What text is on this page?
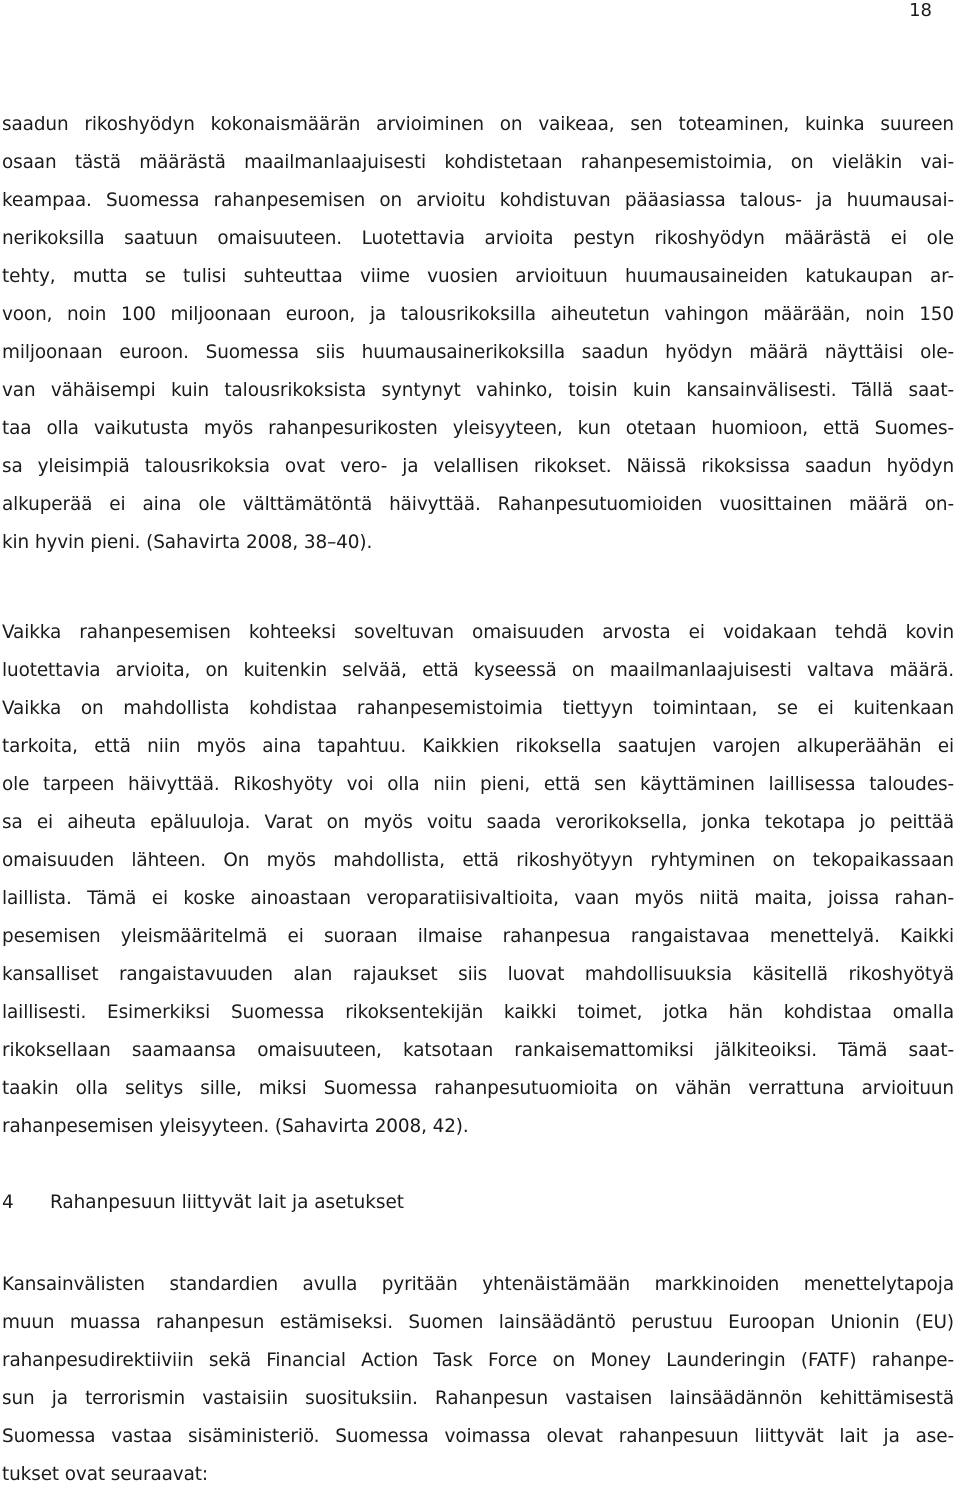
18
saadun rikoshyödyn kokonaismäärän arvioiminen on vaikeaa, sen toteaminen, kuinka suureen
osaan tästä määrästä maailmanlaajuisesti kohdistetaan rahanpesemistoimia, on vieläkin vai-
keampaa. Suomessa rahanpesemisen on arvioitu kohdistuvan pääasiassa talous- ja huumausai-
nerikoksilla saatuun omaisuuteen. Luotettavia arvioita pestyn rikoshyödyn määrästä ei ole
tehty, mutta se tulisi suhteuttaa viime vuosien arvioituun huumausaineiden katukaupan ar-
voon, noin 100 miljoonaan euroon, ja talousrikoksilla aiheutetun vahingon määrään, noin 150
miljoonaan euroon. Suomessa siis huumausainerikoksilla saadun hyödyn määrä näyttäisi ole-
van vähäisempi kuin talousrikoksista syntynyt vahinko, toisin kuin kansainvälisesti. Tällä saat-
taa olla vaikutusta myös rahanpesurikosten yleisyyteen, kun otetaan huomioon, että Suomes-
sa yleisimpiä talousrikoksia ovat vero- ja velallisen rikokset. Näissä rikoksissa saadun hyödyn
alkuperää ei aina ole välttämätöntä häivyttää. Rahanpesutuomioiden vuosittainen määrä on-
kin hyvin pieni. (Sahavirta 2008, 38–40).
Vaikka rahanpesemisen kohteeksi soveltuvan omaisuuden arvosta ei voidakaan tehdä kovin
luotettavia arvioita, on kuitenkin selvää, että kyseessä on maailmanlaajuisesti valtava määrä.
Vaikka on mahdollista kohdistaa rahanpesemistoimia tiettyyn toimintaan, se ei kuitenkaan
tarkoita, että niin myös aina tapahtuu. Kaikkien rikoksella saatujen varojen alkuperäähän ei
ole tarpeen häivyttää. Rikoshyöty voi olla niin pieni, että sen käyttäminen laillisessa taloudes-
sa ei aiheuta epäluuloja. Varat on myös voitu saada verorikoksella, jonka tekotapa jo peittää
omaisuuden lähteen. On myös mahdollista, että rikoshyötyyn ryhtyminen on tekopaikassaan
laillista. Tämä ei koske ainoastaan veroparatiisivaltioita, vaan myös niitä maita, joissa rahan-
pesemisen yleismääritelmä ei suoraan ilmaise rahanpesua rangaistavaa menettelyä. Kaikki
kansalliset rangaistavuuden alan rajaukset siis luovat mahdollisuuksia käsitellä rikoshyötyä
laillisesti. Esimerkiksi Suomessa rikoksentekijän kaikki toimet, jotka hän kohdistaa omalla
rikoksellaan saamaansa omaisuuteen, katsotaan rankaisemattomiksi jälkiteoiksi. Tämä saat-
taakin olla selitys sille, miksi Suomessa rahanpesutuomioita on vähän verrattuna arvioituun
rahanpesemisen yleisyyteen. (Sahavirta 2008, 42).
4 Rahanpesuun liittyvät lait ja asetukset
Kansainvälisten standardien avulla pyritään yhtenäistämään markkinoiden menettelytapoja
muun muassa rahanpesun estämiseksi. Suomen lainsäädäntö perustuu Euroopan Unionin (EU)
rahanpesudirektiiviin sekä Financial Action Task Force on Money Launderingin (FATF) rahanpe-
sun ja terrorismin vastaisiin suosituksiin. Rahanpesun vastaisen lainsäädännön kehittämisestä
Suomessa vastaa sisäministeriö. Suomessa voimassa olevat rahanpesuun liittyvät lait ja ase-
tukset ovat seuraavat:
